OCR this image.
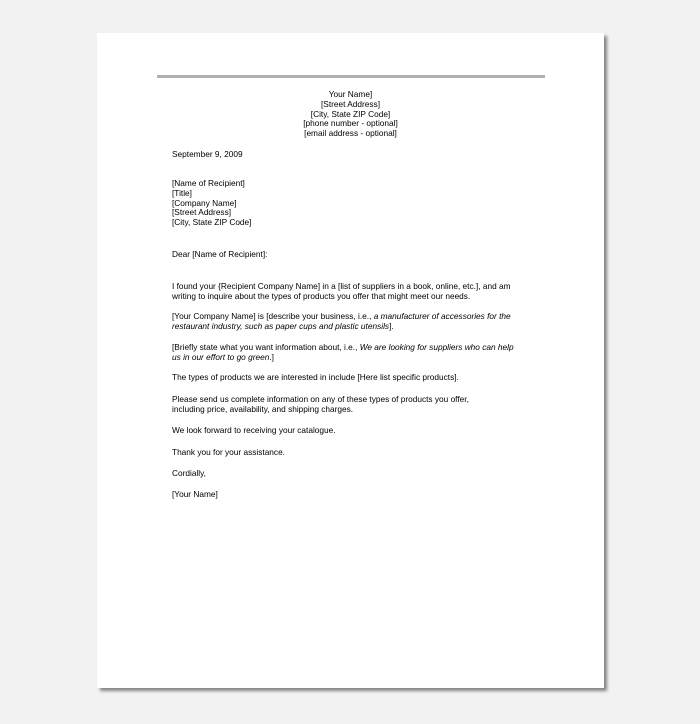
Your Name]
[Street Address]
[City, State ZIP Code]
[phone number - optional]
[email address - optional]
September 9, 2009
[Name of Recipient]
[Title]
[Company Name]
[Street Address]
[City, State ZIP Code]
Dear [Name of Recipient]:
I found your {Recipient Company Name] in a [list of suppliers in a book, online, etc.], and am
writing to inquire about the types of products you offer that might meet our needs.
[Your Company Name] is [describe your business, i.e., a manufacturer of accessories for the
restaurant industry, such as paper cups and plastic utensils].
[Briefly state what you want information about, i.e., We are looking for suppliers who can help
us in our effort to go green.]
The types of products we are interested in include [Here list specific products].
Please send us complete information on any of these types of products you offer,
including price, availability, and shipping charges.
We look forward to receiving your catalogue.
Thank you for your assistance.
Cordially,
[Your Name]
